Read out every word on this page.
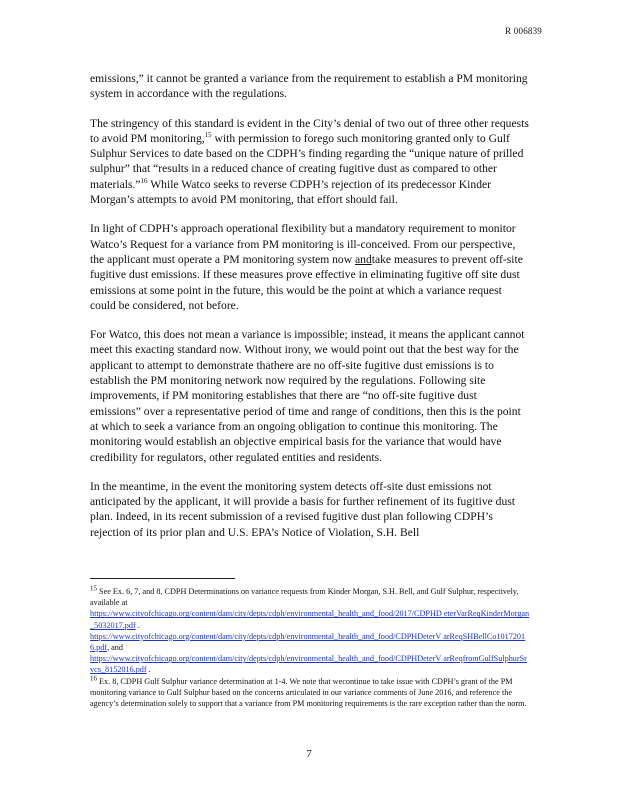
R 006839

emissions,” it cannot be granted a variance from the requirement to establish a PM monitoring system in accordance with the regulations.

The stringency of this standard is evident in the City’s denial of two out of three other requests to avoid PM monitoring,$^{15}$ with permission to forego such monitoring granted only to Gulf Sulphur Services to date based on the CDPH’s finding regarding the “unique nature of prilled sulphur” that “results in a reduced chance of creating fugitive dust as compared to other materials.”$^{16}$ While Watco seeks to reverse CDPH’s rejection of its predecessor Kinder Morgan’s attempts to avoid PM monitoring, that effort should fail.

In light of CDPH’s approach operational flexibility but a mandatory requirement to monitor Watco’s Request for a variance from PM monitoring is ill-conceived. From our perspective, the applicant must operate a PM monitoring system now andtake measures to prevent off-site fugitive dust emissions. If these measures prove effective in eliminating fugitive off site dust emissions at some point in the future, this would be the point at which a variance request could be considered, not before.

For Watco, this does not mean a variance is impossible; instead, it means the applicant cannot meet this exacting standard now. Without irony, we would point out that the best way for the applicant to attempt to demonstrate thathere are no off-site fugitive dust emissions is to establish the PM monitoring network now required by the regulations. Following site improvements, if PM monitoring establishes that there are “no off-site fugitive dust emissions” over a representative period of time and range of conditions, then this is the point at which to seek a variance from an ongoing obligation to continue this monitoring. The monitoring would establish an objective empirical basis for the variance that would have credibility for regulators, other regulated entities and residents.

In the meantime, in the event the monitoring system detects off-site dust emissions not anticipated by the applicant, it will provide a basis for further refinement of its fugitive dust plan. Indeed, in its recent submission of a revised fugitive dust plan following CDPH’s rejection of its prior plan and U.S. EPA’s Notice of Violation, S.H. Bell

$^{15}$ See Ex. 6, 7, and 8, CDPH Determinations on variance requests from Kinder Morgan, S.H. Bell, and Gulf Sulphur, respectively, available at
https://www.cityofchicago.org/content/dam/city/depts/cdph/environmental_health_and_food/2017/CDPHD eterVarReqKinderMorgan_5032017.pdf .
https://www.cityofchicago.org/content/dam/city/depts/cdph/environmental_health_and_food/CDPHDeterV arReqSHBellCo10172016.pdf, and
https://www.cityofchicago.org/content/dam/city/depts/cdph/environmental_health_and_food/CDPHDeterV arReqfromGulfSulphurSrvcs_8152016.pdf .
$^{16}$ Ex. 8, CDPH Gulf Sulphur variance determination at 1-4. We note that wecontinue to take issue with CDPH’s grant of the PM monitoring variance to Gulf Sulphur based on the concerns articulated in our variance comments of June 2016, and reference the agency’s determination solely to support that a variance from PM monitoring requirements is the rare exception rather than the norm.
7
